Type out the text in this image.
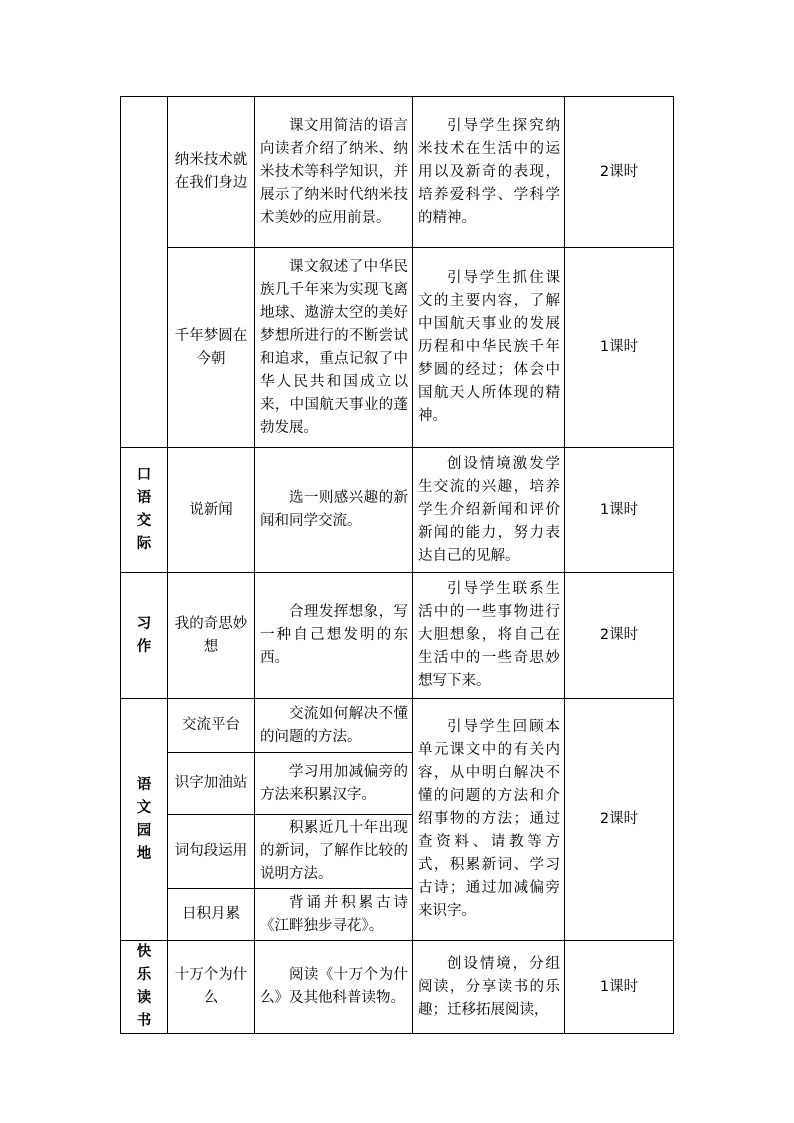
	纳米技术就在我们身边	课文用简洁的语言向读者介绍了纳米、纳米技术等科学知识，并展示了纳米时代纳米技术美妙的应用前景。	引导学生探究纳米技术在生活中的运用以及新奇的表现，培养爱科学、学科学的精神。	2课时
	千年梦圆在今朝	课文叙述了中华民族几千年来为实现飞离地球、遨游太空的美好梦想所进行的不断尝试和追求，重点记叙了中华人民共和国成立以来，中国航天事业的蓬勃发展。	引导学生抓住课文的主要内容，了解中国航天事业的发展历程和中华民族千年梦圆的经过；体会中国航天人所体现的精神。	1课时

口语交际	说新闻	选一则感兴趣的新闻和同学交流。	创设情境激发学生交流的兴趣，培养学生介绍新闻和评价新闻的能力，努力表达自己的见解。	1课时

习作	我的奇思妙想	合理发挥想象，写一种自己想发明的东西。	引导学生联系生活中的一些事物进行大胆想象，将自己在生活中的一些奇思妙想写下来。	2课时

语文园地	交流平台	交流如何解决不懂的问题的方法。	引导学生回顾本单元课文中的有关内容，从中明白解决不懂的问题的方法和介绍事物的方法；通过查资料、请教等方式，积累新词、学习古诗；通过加减偏旁来识字。	2课时
	识字加油站	学习用加减偏旁的方法来积累汉字。		

	词句段运用	积累近几十年出现的新词，了解作比较的说明方法。		

	日积月累	背诵并积累古诗《江畔独步寻花》。		

快乐读书	十万个为什么	阅读《十万个为什么》及其他科普读物。	创设情境，分组阅读，分享读书的乐趣；迁移拓展阅读，	1课时
